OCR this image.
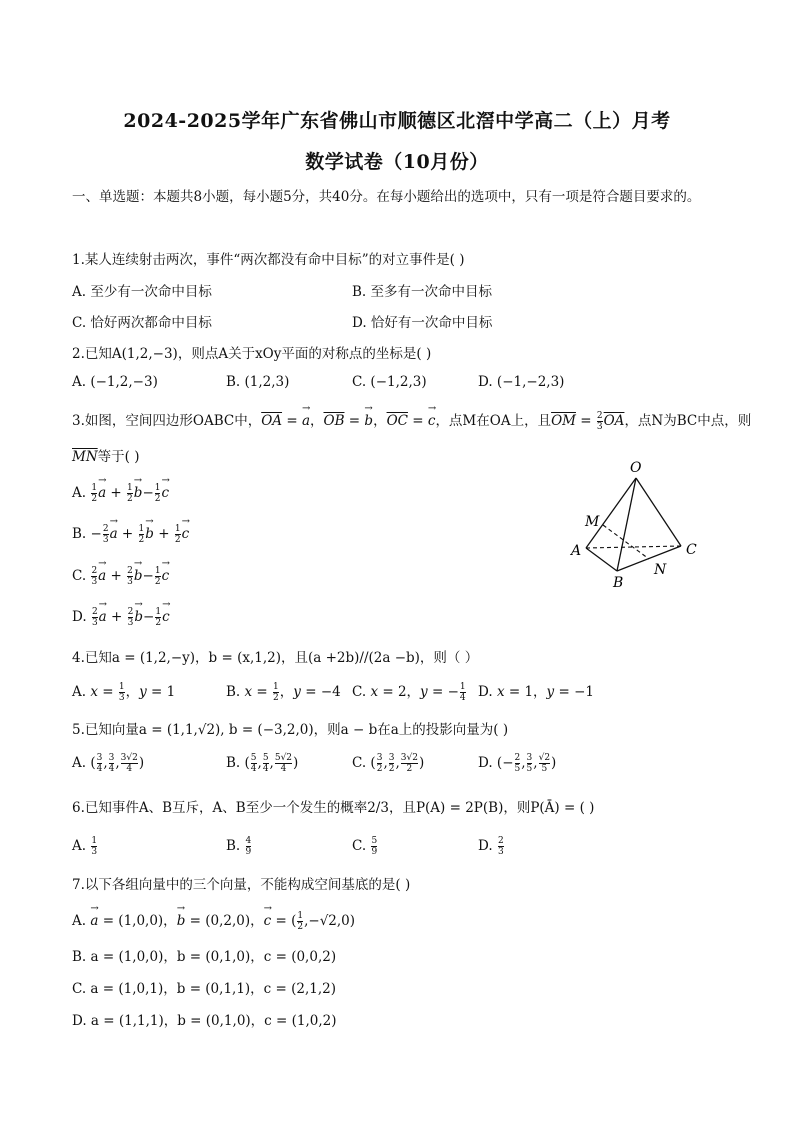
2024-2025学年广东省佛山市顺德区北滘中学高二（上）月考
数学试卷（10月份）
一、单选题：本题共8小题，每小题5分，共40分。在每小题给出的选项中，只有一项是符合题目要求的。
1.某人连续射击两次，事件“两次都没有命中目标”的对立事件是( )
A. 至少有一次命中目标	B. 至多有一次命中目标
C. 恰好两次都命中目标	D. 恰好有一次命中目标
2.已知A(1,2,−3)，则点A关于xOy平面的对称点的坐标是( )
A. (−1,2,−3)	B. (1,2,3)	C. (−1,2,3)	D. (−1,−2,3)
3.如图，空间四边形OABC中，$\overline{OA}$ = → a，$\overline{OB}$ = → b，$\overline{OC}$ = → c，点M在OA上，且$\overline{OM} = \frac{2}{3} \overline{OA}$，点N为BC中点，则
$\overline{MN}$等于( )
A. $\frac{1}{2} \to a + \frac{1}{2} \to b- \frac{1}{2} \to c$
B. − $\frac{2}{3} \to a + \frac{1}{2} \to b + \frac{1}{2} \to c$
C. $\frac{2}{3} \to a + \frac{2}{3} \to b- \frac{1}{2} \to c$
D. $\frac{2}{3} \to a + \frac{2}{3} \to b- \frac{1}{2} \to c$
O
M
A
B
N
C
4.已知a = (1,2,−y)，b = (x,1,2)，且(a +2b)//(2a −b)，则（ ）
A. $x = \frac{1}{3}$ ，y = 1	B. $x = \frac{1}{2}$ ，y = −4 C. x = 2，y = − $\frac{1}{4} D$. x = 1，y = −1
5.已知向量a = (1,1,√2), b = (−3,2,0)，则a − b在a上的投影向量为( )
A. ( $\frac{3}{4}$ , $\frac{3}{4}$ , $\frac{3√2}{4}$ )	B. ( $\frac{5}{4}$ , $\frac{5}{4}$ , $\frac{5√2}{4}$ )	C. ( $\frac{3}{2}$ , $\frac{3}{2}$ , $\frac{3√2}{2}$ )	D. (− $\frac{2}{5}$ , $\frac{3}{5}$ , $\frac{√2}{5}$ )
6.已知事件A、B互斥，A、B至少一个发生的概率2/3，且P(A) = 2P(B)，则P(Ā) = ( )
A. $\frac{1}{3}$	B. $\frac{4}{9}$	C. $\frac{5}{9}$	D. $\frac{2}{3}$
7.以下各组向量中的三个向量，不能构成空间基底的是( )
A. → a = (1,0,0)，→ b = (0,2,0)，→ c = ( $\frac{1}{2} ,-√2,0$)
B. a = (1,0,0)，b = (0,1,0)，c = (0,0,2)
C. a = (1,0,1)，b = (0,1,1)，c = (2,1,2)
D. a = (1,1,1)，b = (0,1,0)，c = (1,0,2)
